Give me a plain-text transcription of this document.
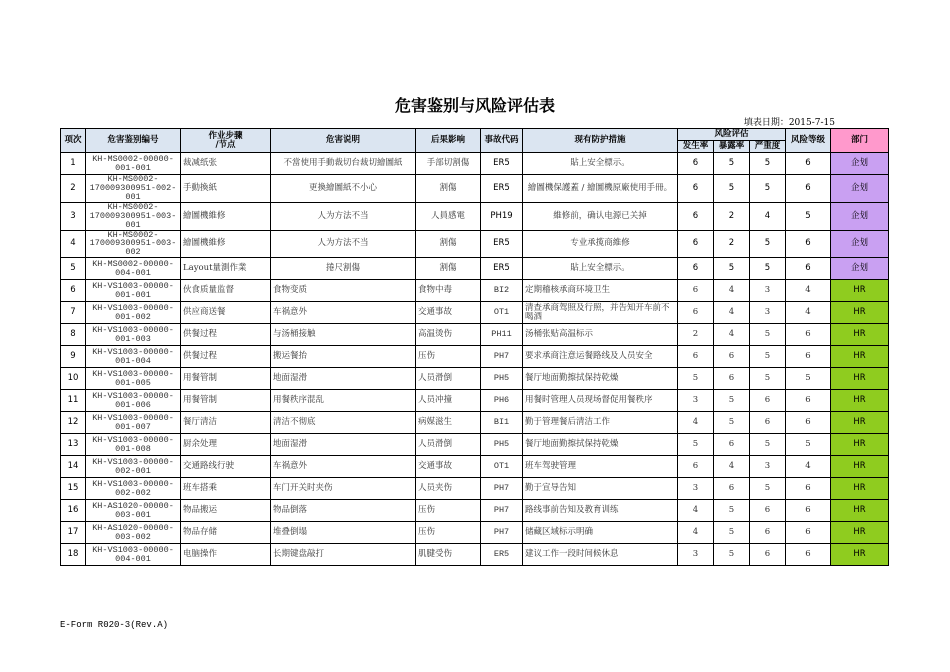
危害鉴别与风险评估表
填表日期：2015-7-15
项次	危害鉴别编号	作业步骤
/节点	危害说明	后果影响	事故代码	现有防护措施	风险评估			风险等级	部门
							发生率	暴露率	严重度		
1	KH-MS0002-00000-001-001	裁减纸张	不當使用手動裁切台裁切繪圖紙	手部切割傷	ER5	貼上安全標示。	6	5	5	6	企划
2	KH-MS0002-170009300951-002-001	手動換紙	更換繪圖紙不小心	割傷	ER5	繪圖機保護蓋 / 繪圖機原廠使用手冊。	6	5	5	6	企划
3	KH-MS0002-170009300951-003-001	繪圖機維修	人为方法不当	人員感電	PH19	維修前，确认电源已关掉	6	2	4	5	企划
4	KH-MS0002-170009300951-003-002	繪圖機維修	人为方法不当	割傷	ER5	专业承揽商維修	6	2	5	6	企划
5	KH-MS0002-00000-004-001	Layout量測作業	捲尺割傷	割傷	ER5	貼上安全標示。	6	5	5	6	企划
6	KH-VS1003-00000-001-001	伙食质量监督	食物变质	食物中毒	BI2	定期稽核承商环境卫生	6	4	3	4	HR
7	KH-VS1003-00000-001-002	供应商送餐	车祸意外	交通事故	OT1	清查承商驾照及行照，并告知开车前不喝酒	6	4	3	4	HR
8	KH-VS1003-00000-001-003	供餐过程	与汤桶接触	高温烫伤	PH11	汤桶张贴高温标示	2	4	5	6	HR
9	KH-VS1003-00000-001-004	供餐过程	搬运餐抬	压伤	PH7	要求承商注意运餐路线及人员安全	6	6	5	6	HR
10	KH-VS1003-00000-001-005	用餐管制	地面湿滑	人员滑倒	PH5	餐厅地面勤擦拭保持乾燥	5	6	5	5	HR
11	KH-VS1003-00000-001-006	用餐管制	用餐秩序混乱	人员冲撞	PH6	用餐时管理人员现场督促用餐秩序	3	5	6	6	HR
12	KH-VS1003-00000-001-007	餐厅清洁	清洁不彻底	病媒滋生	BI1	勤于管理餐后清洁工作	4	5	6	6	HR
13	KH-VS1003-00000-001-008	厨余处理	地面湿滑	人员滑倒	PH5	餐厅地面勤擦拭保持乾燥	5	6	5	5	HR
14	KH-VS1003-00000-002-001	交通路线行驶	车祸意外	交通事故	OT1	班车驾驶管理	6	4	3	4	HR
15	KH-VS1003-00000-002-002	班车搭乘	车门开关时夹伤	人员夹伤	PH7	勤于宣导告知	3	6	5	6	HR
16	KH-AS1020-00000-003-001	物品搬运	物品倒落	压伤	PH7	路线事前告知及教育训练	4	5	6	6	HR
17	KH-AS1020-00000-003-002	物品存储	堆叠倒塌	压伤	PH7	储藏区域标示明确	4	5	6	6	HR
18	KH-VS1003-00000-004-001	电脑操作	长期键盘敲打	肌腱受伤	ER5	建议工作一段时间候休息	3	5	6	6	HR
E-Form R020-3(Rev.A)
